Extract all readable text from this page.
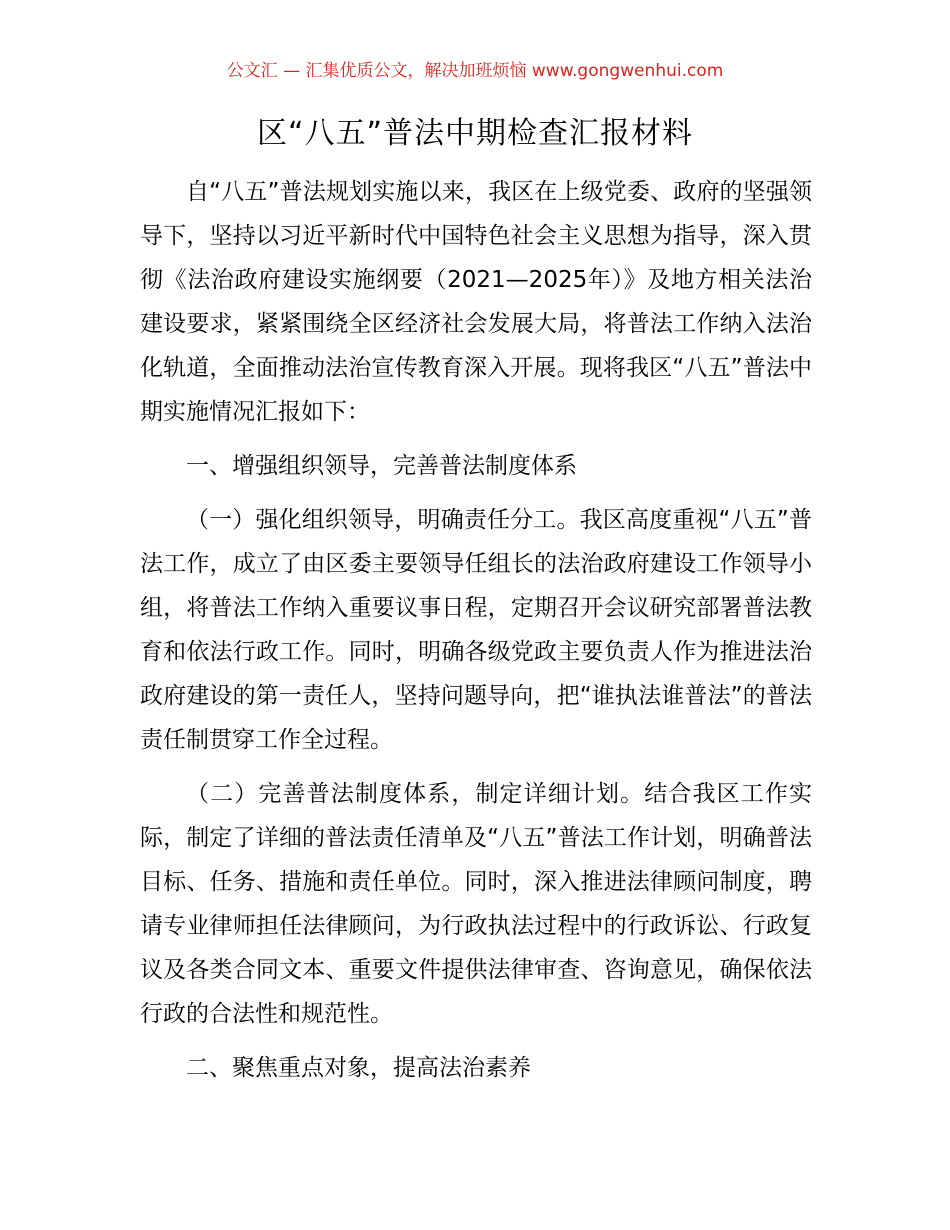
公文汇 — 汇集优质公文，解决加班烦恼 www.gongwenhui.com
区“八五”普法中期检查汇报材料

自“八五”普法规划实施以来，我区在上级党委、政府的坚强领导下，坚持以习近平新时代中国特色社会主义思想为指导，深入贯彻《法治政府建设实施纲要（2021—2025年）》及地方相关法治建设要求，紧紧围绕全区经济社会发展大局，将普法工作纳入法治化轨道，全面推动法治宣传教育深入开展。现将我区“八五”普法中期实施情况汇报如下：

一、增强组织领导，完善普法制度体系

（一）强化组织领导，明确责任分工。我区高度重视“八五”普法工作，成立了由区委主要领导任组长的法治政府建设工作领导小组，将普法工作纳入重要议事日程，定期召开会议研究部署普法教育和依法行政工作。同时，明确各级党政主要负责人作为推进法治政府建设的第一责任人，坚持问题导向，把“谁执法谁普法”的普法责任制贯穿工作全过程。

（二）完善普法制度体系，制定详细计划。结合我区工作实际，制定了详细的普法责任清单及“八五”普法工作计划，明确普法目标、任务、措施和责任单位。同时，深入推进法律顾问制度，聘请专业律师担任法律顾问，为行政执法过程中的行政诉讼、行政复议及各类合同文本、重要文件提供法律审查、咨询意见，确保依法行政的合法性和规范性。

二、聚焦重点对象，提高法治素养
